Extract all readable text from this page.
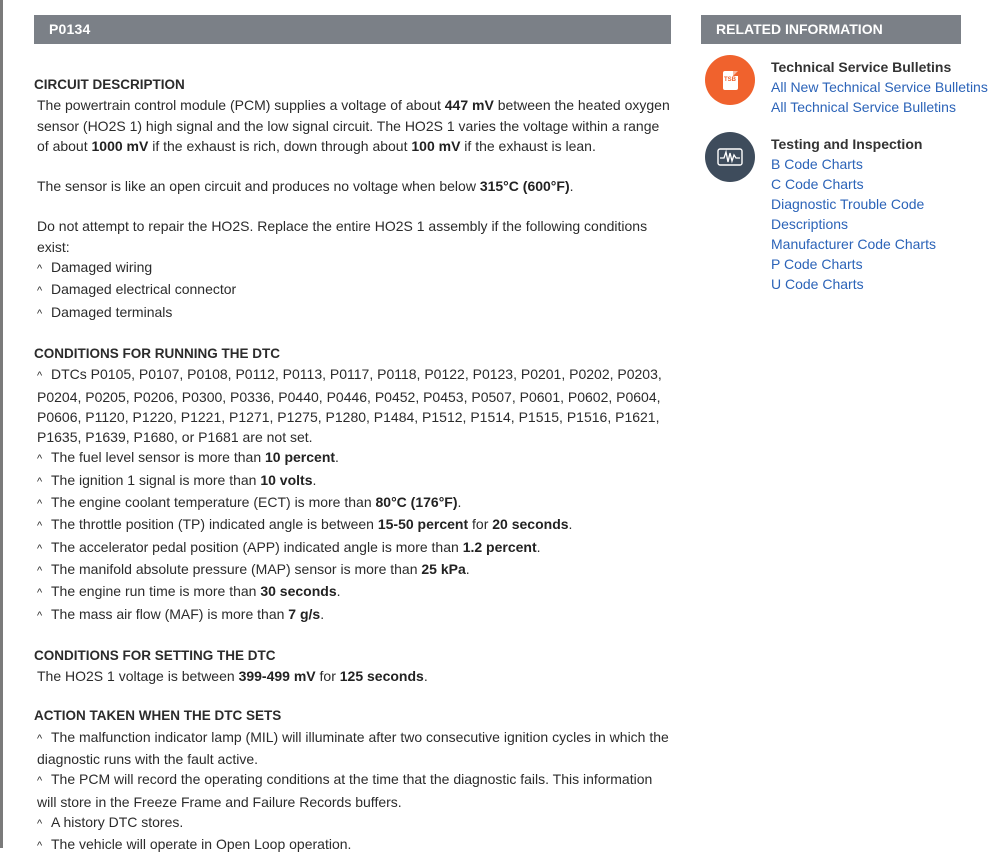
P0134

CIRCUIT DESCRIPTION

The powertrain control module (PCM) supplies a voltage of about 447 mV between the heated oxygen sensor (HO2S 1) high signal and the low signal circuit. The HO2S 1 varies the voltage within a range of about 1000 mV if the exhaust is rich, down through about 100 mV if the exhaust is lean.

The sensor is like an open circuit and produces no voltage when below 315°C (600°F).

Do not attempt to repair the HO2S. Replace the entire HO2S 1 assembly if the following conditions exist:

^ Damaged wiring

^ Damaged electrical connector

^ Damaged terminals

CONDITIONS FOR RUNNING THE DTC

^ DTCs P0105, P0107, P0108, P0112, P0113, P0117, P0118, P0122, P0123, P0201, P0202, P0203, P0204, P0205, P0206, P0300, P0336, P0440, P0446, P0452, P0453, P0507, P0601, P0602, P0604, P0606, P1120, P1220, P1221, P1271, P1275, P1280, P1484, P1512, P1514, P1515, P1516, P1621, P1635, P1639, P1680, or P1681 are not set.

^ The fuel level sensor is more than 10 percent.

^ The ignition 1 signal is more than 10 volts.

^ The engine coolant temperature (ECT) is more than 80°C (176°F).

^ The throttle position (TP) indicated angle is between 15-50 percent for 20 seconds.

^ The accelerator pedal position (APP) indicated angle is more than 1.2 percent.

^ The manifold absolute pressure (MAP) sensor is more than 25 kPa.

^ The engine run time is more than 30 seconds.

^ The mass air flow (MAF) is more than 7 g/s.

CONDITIONS FOR SETTING THE DTC

The HO2S 1 voltage is between 399-499 mV for 125 seconds.

ACTION TAKEN WHEN THE DTC SETS

^ The malfunction indicator lamp (MIL) will illuminate after two consecutive ignition cycles in which the diagnostic runs with the fault active.

^ The PCM will record the operating conditions at the time that the diagnostic fails. This information will store in the Freeze Frame and Failure Records buffers.

^ A history DTC stores.

^ The vehicle will operate in Open Loop operation.

RELATED INFORMATION
TSB
Technical Service Bulletins
All New Technical Service Bulletins
All Technical Service Bulletins
Testing and Inspection
B Code Charts
C Code Charts
Diagnostic Trouble Code
Descriptions
Manufacturer Code Charts
P Code Charts
U Code Charts
